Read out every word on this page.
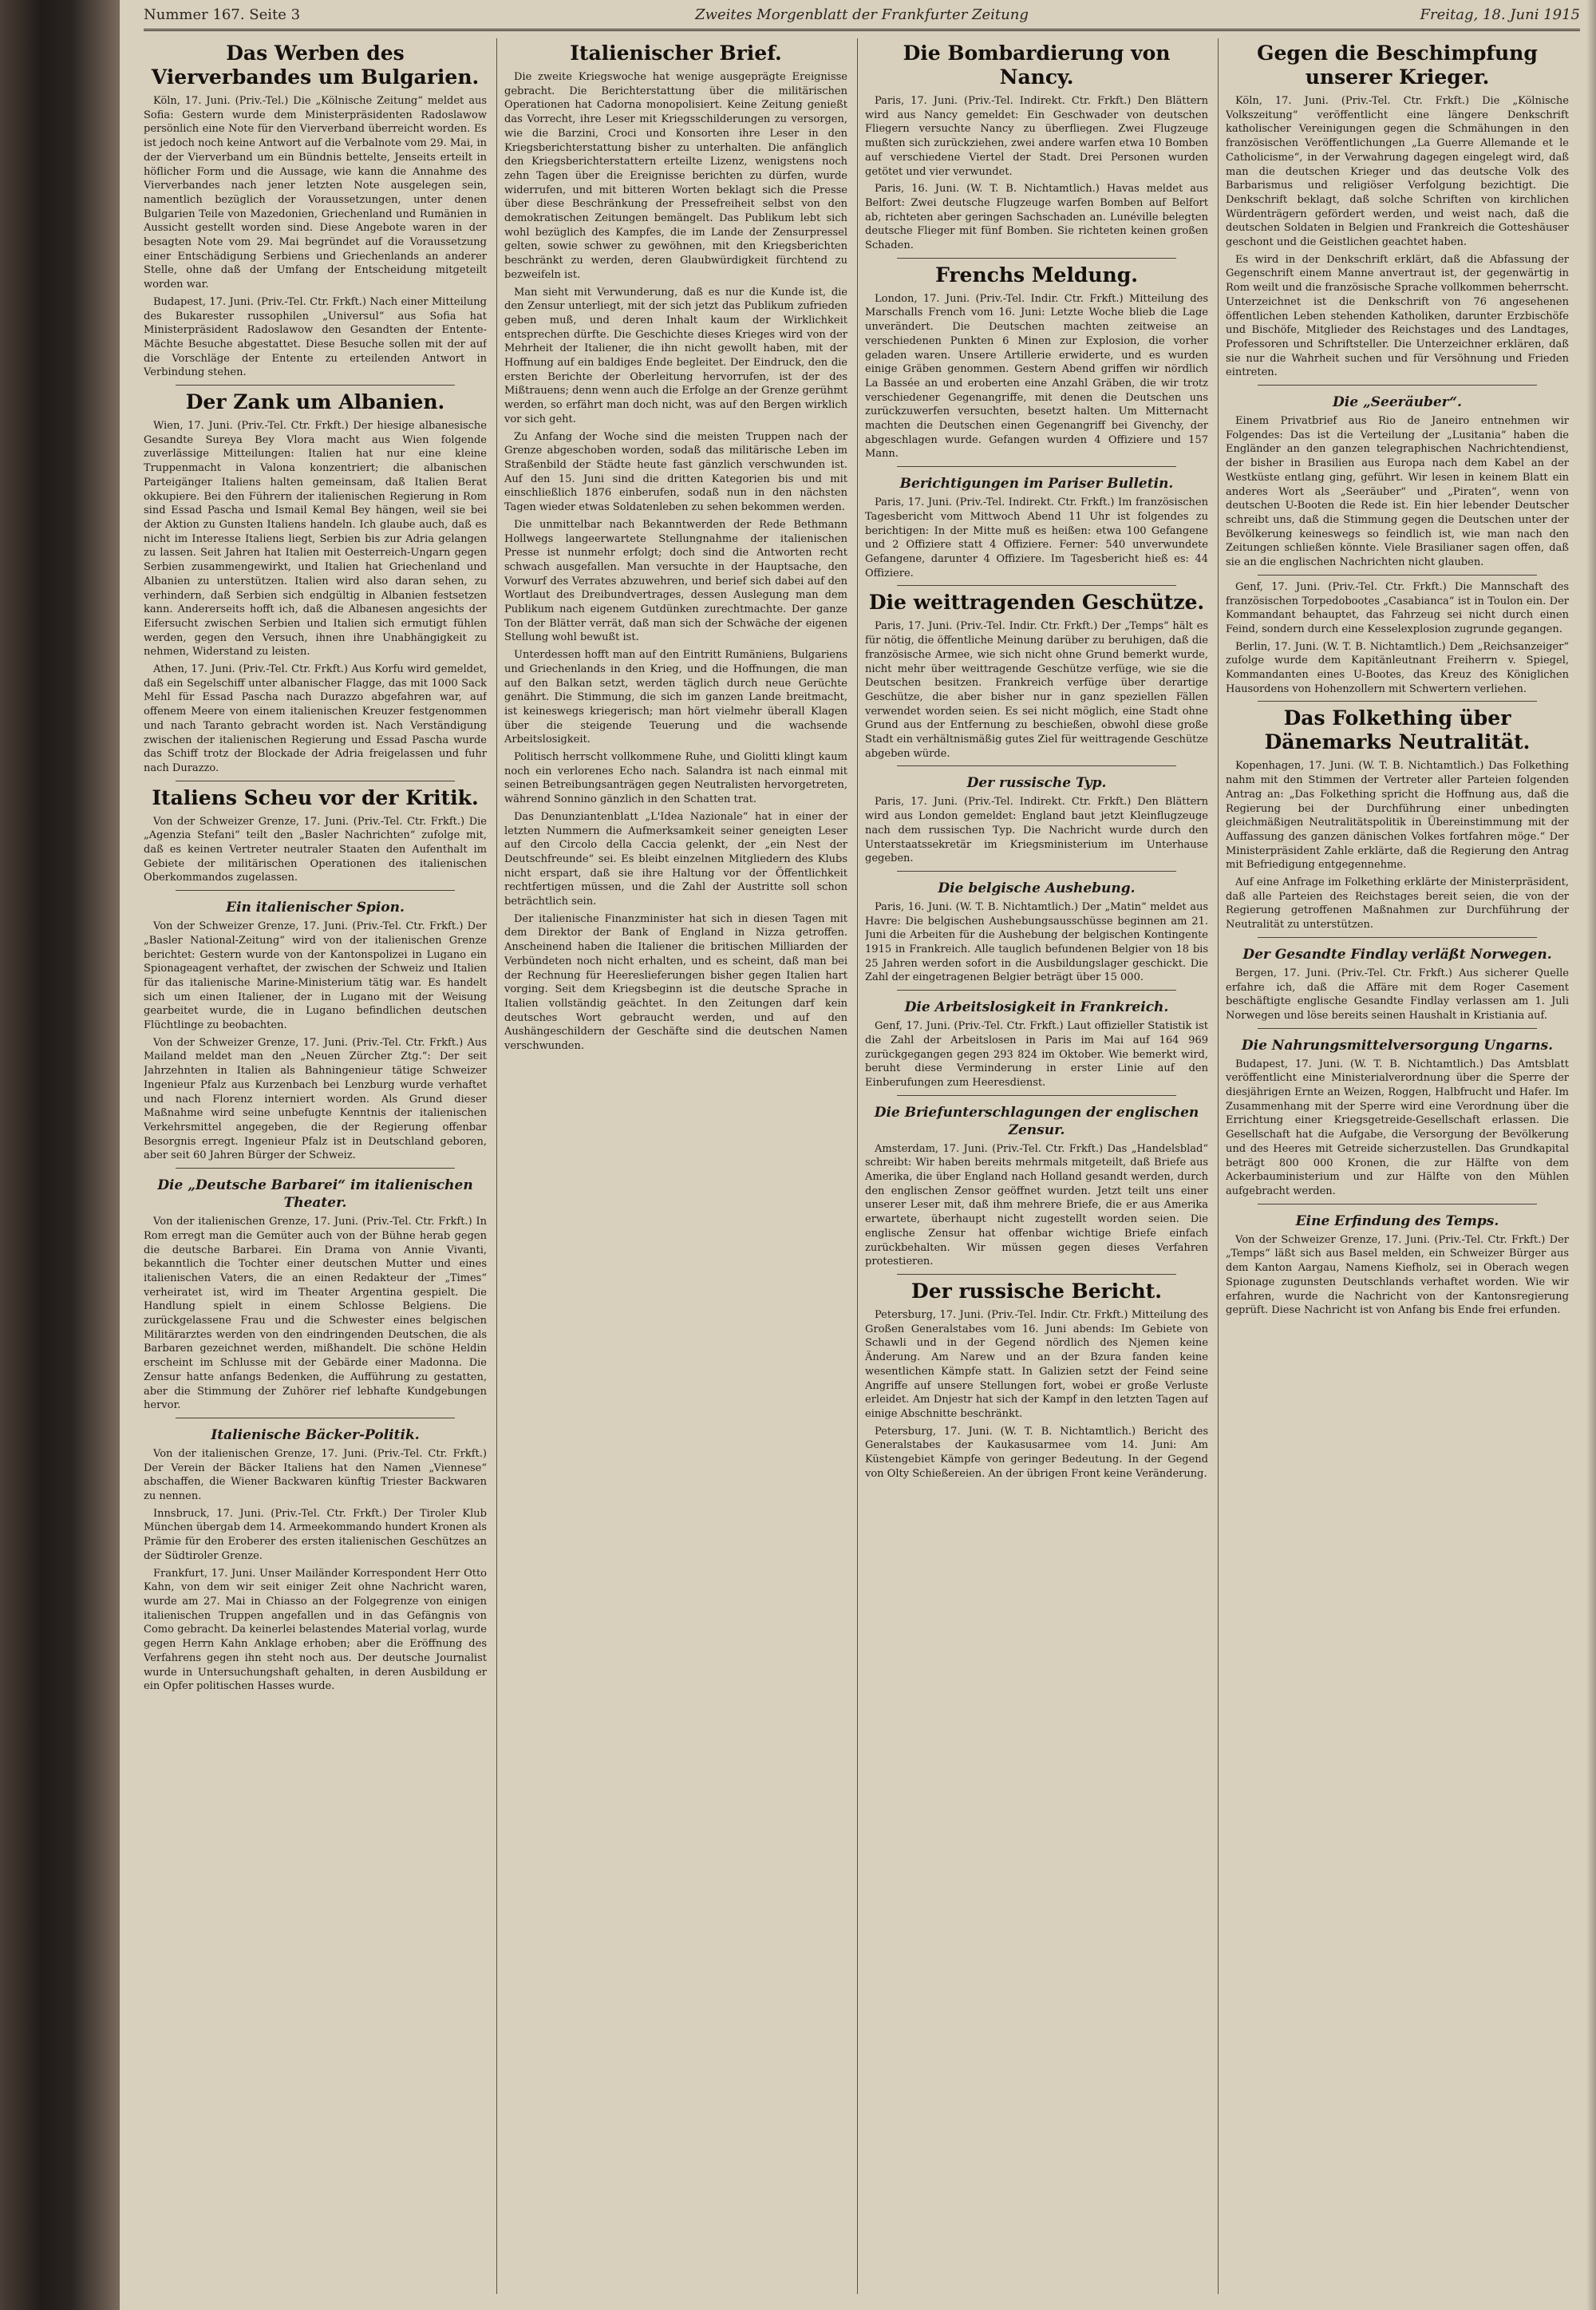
Nummer 167. Seite 3	Zweites Morgenblatt der Frankfurter Zeitung	Freitag, 18. Juni 1915
Das Werben des Vierverbandes um Bulgarien.

Köln, 17. Juni. (Priv.-Tel.) Die „Kölnische Zeitung“ meldet aus Sofia: Gestern wurde dem Ministerpräsidenten Radoslawow persönlich eine Note für den Vierverband überreicht worden. Es ist jedoch noch keine Antwort auf die Verbalnote vom 29. Mai, in der der Vierverband um ein Bündnis bettelte, Jenseits erteilt in höflicher Form und die Aussage, wie kann die Annahme des Vierverbandes nach jener letzten Note ausgelegen sein, namentlich bezüglich der Voraussetzungen, unter denen Bulgarien Teile von Mazedonien, Griechenland und Rumänien in Aussicht gestellt worden sind. Diese Angebote waren in der besagten Note vom 29. Mai begründet auf die Voraussetzung einer Entschädigung Serbiens und Griechenlands an anderer Stelle, ohne daß der Umfang der Entscheidung mitgeteilt worden war.

Budapest, 17. Juni. (Priv.-Tel. Ctr. Frkft.) Nach einer Mitteilung des Bukarester russophilen „Universul“ aus Sofia hat Ministerpräsident Radoslawow den Gesandten der Entente-Mächte Besuche abgestattet. Diese Besuche sollen mit der auf die Vorschläge der Entente zu erteilenden Antwort in Verbindung stehen.

Der Zank um Albanien.

Wien, 17. Juni. (Priv.-Tel. Ctr. Frkft.) Der hiesige albanesische Gesandte Sureya Bey Vlora macht aus Wien folgende zuverlässige Mitteilungen: Italien hat nur eine kleine Truppenmacht in Valona konzentriert; die albanischen Parteigänger Italiens halten gemeinsam, daß Italien Berat okkupiere. Bei den Führern der italienischen Regierung in Rom sind Essad Pascha und Ismail Kemal Bey hängen, weil sie bei der Aktion zu Gunsten Italiens handeln. Ich glaube auch, daß es nicht im Interesse Italiens liegt, Serbien bis zur Adria gelangen zu lassen. Seit Jahren hat Italien mit Oesterreich-Ungarn gegen Serbien zusammengewirkt, und Italien hat Griechenland und Albanien zu unterstützen. Italien wird also daran sehen, zu verhindern, daß Serbien sich endgültig in Albanien festsetzen kann. Andererseits hofft ich, daß die Albanesen angesichts der Eifersucht zwischen Serbien und Italien sich ermutigt fühlen werden, gegen den Versuch, ihnen ihre Unabhängigkeit zu nehmen, Widerstand zu leisten.

Athen, 17. Juni. (Priv.-Tel. Ctr. Frkft.) Aus Korfu wird gemeldet, daß ein Segelschiff unter albanischer Flagge, das mit 1000 Sack Mehl für Essad Pascha nach Durazzo abgefahren war, auf offenem Meere von einem italienischen Kreuzer festgenommen und nach Taranto gebracht worden ist. Nach Verständigung zwischen der italienischen Regierung und Essad Pascha wurde das Schiff trotz der Blockade der Adria freigelassen und fuhr nach Durazzo.

Italiens Scheu vor der Kritik.

Von der Schweizer Grenze, 17. Juni. (Priv.-Tel. Ctr. Frkft.) Die „Agenzia Stefani“ teilt den „Basler Nachrichten“ zufolge mit, daß es keinen Vertreter neutraler Staaten den Aufenthalt im Gebiete der militärischen Operationen des italienischen Oberkommandos zugelassen.

Ein italienischer Spion.

Von der Schweizer Grenze, 17. Juni. (Priv.-Tel. Ctr. Frkft.) Der „Basler National-Zeitung“ wird von der italienischen Grenze berichtet: Gestern wurde von der Kantonspolizei in Lugano ein Spionageagent verhaftet, der zwischen der Schweiz und Italien für das italienische Marine-Ministerium tätig war. Es handelt sich um einen Italiener, der in Lugano mit der Weisung gearbeitet wurde, die in Lugano befindlichen deutschen Flüchtlinge zu beobachten.

Von der Schweizer Grenze, 17. Juni. (Priv.-Tel. Ctr. Frkft.) Aus Mailand meldet man den „Neuen Zürcher Ztg.“: Der seit Jahrzehnten in Italien als Bahningenieur tätige Schweizer Ingenieur Pfalz aus Kurzenbach bei Lenzburg wurde verhaftet und nach Florenz interniert worden. Als Grund dieser Maßnahme wird seine unbefugte Kenntnis der italienischen Verkehrsmittel angegeben, die der Regierung offenbar Besorgnis erregt. Ingenieur Pfalz ist in Deutschland geboren, aber seit 60 Jahren Bürger der Schweiz.

Die „Deutsche Barbarei“ im italienischen Theater.

Von der italienischen Grenze, 17. Juni. (Priv.-Tel. Ctr. Frkft.) In Rom erregt man die Gemüter auch von der Bühne herab gegen die deutsche Barbarei. Ein Drama von Annie Vivanti, bekanntlich die Tochter einer deutschen Mutter und eines italienischen Vaters, die an einen Redakteur der „Times“ verheiratet ist, wird im Theater Argentina gespielt. Die Handlung spielt in einem Schlosse Belgiens. Die zurückgelassene Frau und die Schwester eines belgischen Militärarztes werden von den eindringenden Deutschen, die als Barbaren gezeichnet werden, mißhandelt. Die schöne Heldin erscheint im Schlusse mit der Gebärde einer Madonna. Die Zensur hatte anfangs Bedenken, die Aufführung zu gestatten, aber die Stimmung der Zuhörer rief lebhafte Kundgebungen hervor.

Italienische Bäcker-Politik.

Von der italienischen Grenze, 17. Juni. (Priv.-Tel. Ctr. Frkft.) Der Verein der Bäcker Italiens hat den Namen „Viennese“ abschaffen, die Wiener Backwaren künftig Triester Backwaren zu nennen.

Innsbruck, 17. Juni. (Priv.-Tel. Ctr. Frkft.) Der Tiroler Klub München übergab dem 14. Armeekommando hundert Kronen als Prämie für den Eroberer des ersten italienischen Geschützes an der Südtiroler Grenze.

Frankfurt, 17. Juni. Unser Mailänder Korrespondent Herr Otto Kahn, von dem wir seit einiger Zeit ohne Nachricht waren, wurde am 27. Mai in Chiasso an der Folgegrenze von einigen italienischen Truppen angefallen und in das Gefängnis von Como gebracht. Da keinerlei belastendes Material vorlag, wurde gegen Herrn Kahn Anklage erhoben; aber die Eröffnung des Verfahrens gegen ihn steht noch aus. Der deutsche Journalist wurde in Untersuchungshaft gehalten, in deren Ausbildung er ein Opfer politischen Hasses wurde.

Italienischer Brief.

Die zweite Kriegswoche hat wenige ausgeprägte Ereignisse gebracht. Die Berichterstattung über die militärischen Operationen hat Cadorna monopolisiert. Keine Zeitung genießt das Vorrecht, ihre Leser mit Kriegsschilderungen zu versorgen, wie die Barzini, Croci und Konsorten ihre Leser in den Kriegsberichterstattung bisher zu unterhalten. Die anfänglich den Kriegsberichterstattern erteilte Lizenz, wenigstens noch zehn Tagen über die Ereignisse berichten zu dürfen, wurde widerrufen, und mit bitteren Worten beklagt sich die Presse über diese Beschränkung der Pressefreiheit selbst von den demokratischen Zeitungen bemängelt. Das Publikum lebt sich wohl bezüglich des Kampfes, die im Lande der Zensurpressel gelten, sowie schwer zu gewöhnen, mit den Kriegsberichten beschränkt zu werden, deren Glaubwürdigkeit fürchtend zu bezweifeln ist.

Man sieht mit Verwunderung, daß es nur die Kunde ist, die den Zensur unterliegt, mit der sich jetzt das Publikum zufrieden geben muß, und deren Inhalt kaum der Wirklichkeit entsprechen dürfte. Die Geschichte dieses Krieges wird von der Mehrheit der Italiener, die ihn nicht gewollt haben, mit der Hoffnung auf ein baldiges Ende begleitet. Der Eindruck, den die ersten Berichte der Oberleitung hervorrufen, ist der des Mißtrauens; denn wenn auch die Erfolge an der Grenze gerühmt werden, so erfährt man doch nicht, was auf den Bergen wirklich vor sich geht.

Zu Anfang der Woche sind die meisten Truppen nach der Grenze abgeschoben worden, sodaß das militärische Leben im Straßenbild der Städte heute fast gänzlich verschwunden ist. Auf den 15. Juni sind die dritten Kategorien bis und mit einschließlich 1876 einberufen, sodaß nun in den nächsten Tagen wieder etwas Soldatenleben zu sehen bekommen werden.

Die unmittelbar nach Bekanntwerden der Rede Bethmann Hollwegs langeerwartete Stellungnahme der italienischen Presse ist nunmehr erfolgt; doch sind die Antworten recht schwach ausgefallen. Man versuchte in der Hauptsache, den Vorwurf des Verrates abzuwehren, und berief sich dabei auf den Wortlaut des Dreibundvertrages, dessen Auslegung man dem Publikum nach eigenem Gutdünken zurechtmachte. Der ganze Ton der Blätter verrät, daß man sich der Schwäche der eigenen Stellung wohl bewußt ist.

Unterdessen hofft man auf den Eintritt Rumäniens, Bulgariens und Griechenlands in den Krieg, und die Hoffnungen, die man auf den Balkan setzt, werden täglich durch neue Gerüchte genährt. Die Stimmung, die sich im ganzen Lande breitmacht, ist keineswegs kriegerisch; man hört vielmehr überall Klagen über die steigende Teuerung und die wachsende Arbeitslosigkeit.

Politisch herrscht vollkommene Ruhe, und Giolitti klingt kaum noch ein verlorenes Echo nach. Salandra ist nach einmal mit seinen Betreibungsanträgen gegen Neutralisten hervorgetreten, während Sonnino gänzlich in den Schatten trat.

Das Denunziantenblatt „L'Idea Nazionale“ hat in einer der letzten Nummern die Aufmerksamkeit seiner geneigten Leser auf den Circolo della Caccia gelenkt, der „ein Nest der Deutschfreunde“ sei. Es bleibt einzelnen Mitgliedern des Klubs nicht erspart, daß sie ihre Haltung vor der Öffentlichkeit rechtfertigen müssen, und die Zahl der Austritte soll schon beträchtlich sein.

Der italienische Finanzminister hat sich in diesen Tagen mit dem Direktor der Bank of England in Nizza getroffen. Anscheinend haben die Italiener die britischen Milliarden der Verbündeten noch nicht erhalten, und es scheint, daß man bei der Rechnung für Heereslieferungen bisher gegen Italien hart vorging. Seit dem Kriegsbeginn ist die deutsche Sprache in Italien vollständig geächtet. In den Zeitungen darf kein deutsches Wort gebraucht werden, und auf den Aushängeschildern der Geschäfte sind die deutschen Namen verschwunden.

Die Bombardierung von Nancy.

Paris, 17. Juni. (Priv.-Tel. Indirekt. Ctr. Frkft.) Den Blättern wird aus Nancy gemeldet: Ein Geschwader von deutschen Fliegern versuchte Nancy zu überfliegen. Zwei Flugzeuge mußten sich zurückziehen, zwei andere warfen etwa 10 Bomben auf verschiedene Viertel der Stadt. Drei Personen wurden getötet und vier verwundet.

Paris, 16. Juni. (W. T. B. Nichtamtlich.) Havas meldet aus Belfort: Zwei deutsche Flugzeuge warfen Bomben auf Belfort ab, richteten aber geringen Sachschaden an. Lunéville belegten deutsche Flieger mit fünf Bomben. Sie richteten keinen großen Schaden.

Frenchs Meldung.

London, 17. Juni. (Priv.-Tel. Indir. Ctr. Frkft.) Mitteilung des Marschalls French vom 16. Juni: Letzte Woche blieb die Lage unverändert. Die Deutschen machten zeitweise an verschiedenen Punkten 6 Minen zur Explosion, die vorher geladen waren. Unsere Artillerie erwiderte, und es wurden einige Gräben genommen. Gestern Abend griffen wir nördlich La Bassée an und eroberten eine Anzahl Gräben, die wir trotz verschiedener Gegenangriffe, mit denen die Deutschen uns zurückzuwerfen versuchten, besetzt halten. Um Mitternacht machten die Deutschen einen Gegenangriff bei Givenchy, der abgeschlagen wurde. Gefangen wurden 4 Offiziere und 157 Mann.

Berichtigungen im Pariser Bulletin.

Paris, 17. Juni. (Priv.-Tel. Indirekt. Ctr. Frkft.) Im französischen Tagesbericht vom Mittwoch Abend 11 Uhr ist folgendes zu berichtigen: In der Mitte muß es heißen: etwa 100 Gefangene und 2 Offiziere statt 4 Offiziere. Ferner: 540 unverwundete Gefangene, darunter 4 Offiziere. Im Tagesbericht hieß es: 44 Offiziere.

Die weittragenden Geschütze.

Paris, 17. Juni. (Priv.-Tel. Indir. Ctr. Frkft.) Der „Temps“ hält es für nötig, die öffentliche Meinung darüber zu beruhigen, daß die französische Armee, wie sich nicht ohne Grund bemerkt wurde, nicht mehr über weittragende Geschütze verfüge, wie sie die Deutschen besitzen. Frankreich verfüge über derartige Geschütze, die aber bisher nur in ganz speziellen Fällen verwendet worden seien. Es sei nicht möglich, eine Stadt ohne Grund aus der Entfernung zu beschießen, obwohl diese große Stadt ein verhältnismäßig gutes Ziel für weittragende Geschütze abgeben würde.

Der russische Typ.

Paris, 17. Juni. (Priv.-Tel. Indirekt. Ctr. Frkft.) Den Blättern wird aus London gemeldet: England baut jetzt Kleinflugzeuge nach dem russischen Typ. Die Nachricht wurde durch den Unterstaatssekretär im Kriegsministerium im Unterhause gegeben.

Die belgische Aushebung.

Paris, 16. Juni. (W. T. B. Nichtamtlich.) Der „Matin“ meldet aus Havre: Die belgischen Aushebungsausschüsse beginnen am 21. Juni die Arbeiten für die Aushebung der belgischen Kontingente 1915 in Frankreich. Alle tauglich befundenen Belgier von 18 bis 25 Jahren werden sofort in die Ausbildungslager geschickt. Die Zahl der eingetragenen Belgier beträgt über 15 000.

Die Arbeitslosigkeit in Frankreich.

Genf, 17. Juni. (Priv.-Tel. Ctr. Frkft.) Laut offizieller Statistik ist die Zahl der Arbeitslosen in Paris im Mai auf 164 969 zurückgegangen gegen 293 824 im Oktober. Wie bemerkt wird, beruht diese Verminderung in erster Linie auf den Einberufungen zum Heeresdienst.

Die Briefunterschlagungen der englischen Zensur.

Amsterdam, 17. Juni. (Priv.-Tel. Ctr. Frkft.) Das „Handelsblad“ schreibt: Wir haben bereits mehrmals mitgeteilt, daß Briefe aus Amerika, die über England nach Holland gesandt werden, durch den englischen Zensor geöffnet wurden. Jetzt teilt uns einer unserer Leser mit, daß ihm mehrere Briefe, die er aus Amerika erwartete, überhaupt nicht zugestellt worden seien. Die englische Zensur hat offenbar wichtige Briefe einfach zurückbehalten. Wir müssen gegen dieses Verfahren protestieren.

Der russische Bericht.

Petersburg, 17. Juni. (Priv.-Tel. Indir. Ctr. Frkft.) Mitteilung des Großen Generalstabes vom 16. Juni abends: Im Gebiete von Schawli und in der Gegend nördlich des Njemen keine Änderung. Am Narew und an der Bzura fanden keine wesentlichen Kämpfe statt. In Galizien setzt der Feind seine Angriffe auf unsere Stellungen fort, wobei er große Verluste erleidet. Am Dnjestr hat sich der Kampf in den letzten Tagen auf einige Abschnitte beschränkt.

Petersburg, 17. Juni. (W. T. B. Nichtamtlich.) Bericht des Generalstabes der Kaukasusarmee vom 14. Juni: Am Küstengebiet Kämpfe von geringer Bedeutung. In der Gegend von Olty Schießereien. An der übrigen Front keine Veränderung.

Gegen die Beschimpfung unserer Krieger.

Köln, 17. Juni. (Priv.-Tel. Ctr. Frkft.) Die „Kölnische Volkszeitung“ veröffentlicht eine längere Denkschrift katholischer Vereinigungen gegen die Schmähungen in den französischen Veröffentlichungen „La Guerre Allemande et le Catholicisme“, in der Verwahrung dagegen eingelegt wird, daß man die deutschen Krieger und das deutsche Volk des Barbarismus und religiöser Verfolgung bezichtigt. Die Denkschrift beklagt, daß solche Schriften von kirchlichen Würdenträgern gefördert werden, und weist nach, daß die deutschen Soldaten in Belgien und Frankreich die Gotteshäuser geschont und die Geistlichen geachtet haben.

Es wird in der Denkschrift erklärt, daß die Abfassung der Gegenschrift einem Manne anvertraut ist, der gegenwärtig in Rom weilt und die französische Sprache vollkommen beherrscht. Unterzeichnet ist die Denkschrift von 76 angesehenen öffentlichen Leben stehenden Katholiken, darunter Erzbischöfe und Bischöfe, Mitglieder des Reichstages und des Landtages, Professoren und Schriftsteller. Die Unterzeichner erklären, daß sie nur die Wahrheit suchen und für Versöhnung und Frieden eintreten.

Die „Seeräuber“.

Einem Privatbrief aus Rio de Janeiro entnehmen wir Folgendes: Das ist die Verteilung der „Lusitania“ haben die Engländer an den ganzen telegraphischen Nachrichtendienst, der bisher in Brasilien aus Europa nach dem Kabel an der Westküste entlang ging, geführt. Wir lesen in keinem Blatt ein anderes Wort als „Seeräuber“ und „Piraten“, wenn von deutschen U-Booten die Rede ist. Ein hier lebender Deutscher schreibt uns, daß die Stimmung gegen die Deutschen unter der Bevölkerung keineswegs so feindlich ist, wie man nach den Zeitungen schließen könnte. Viele Brasilianer sagen offen, daß sie an die englischen Nachrichten nicht glauben.

Genf, 17. Juni. (Priv.-Tel. Ctr. Frkft.) Die Mannschaft des französischen Torpedobootes „Casabianca“ ist in Toulon ein. Der Kommandant behauptet, das Fahrzeug sei nicht durch einen Feind, sondern durch eine Kesselexplosion zugrunde gegangen.

Berlin, 17. Juni. (W. T. B. Nichtamtlich.) Dem „Reichsanzeiger“ zufolge wurde dem Kapitänleutnant Freiherrn v. Spiegel, Kommandanten eines U-Bootes, das Kreuz des Königlichen Hausordens von Hohenzollern mit Schwertern verliehen.

Das Folkething über Dänemarks Neutralität.

Kopenhagen, 17. Juni. (W. T. B. Nichtamtlich.) Das Folkething nahm mit den Stimmen der Vertreter aller Parteien folgenden Antrag an: „Das Folkething spricht die Hoffnung aus, daß die Regierung bei der Durchführung einer unbedingten gleichmäßigen Neutralitätspolitik in Übereinstimmung mit der Auffassung des ganzen dänischen Volkes fortfahren möge.“ Der Ministerpräsident Zahle erklärte, daß die Regierung den Antrag mit Befriedigung entgegennehme.

Auf eine Anfrage im Folkething erklärte der Ministerpräsident, daß alle Parteien des Reichstages bereit seien, die von der Regierung getroffenen Maßnahmen zur Durchführung der Neutralität zu unterstützen.

Der Gesandte Findlay verläßt Norwegen.

Bergen, 17. Juni. (Priv.-Tel. Ctr. Frkft.) Aus sicherer Quelle erfahre ich, daß die Affäre mit dem Roger Casement beschäftigte englische Gesandte Findlay verlassen am 1. Juli Norwegen und löse bereits seinen Haushalt in Kristiania auf.

Die Nahrungsmittelversorgung Ungarns.

Budapest, 17. Juni. (W. T. B. Nichtamtlich.) Das Amtsblatt veröffentlicht eine Ministerialverordnung über die Sperre der diesjährigen Ernte an Weizen, Roggen, Halbfrucht und Hafer. Im Zusammenhang mit der Sperre wird eine Verordnung über die Errichtung einer Kriegsgetreide-Gesellschaft erlassen. Die Gesellschaft hat die Aufgabe, die Versorgung der Bevölkerung und des Heeres mit Getreide sicherzustellen. Das Grundkapital beträgt 800 000 Kronen, die zur Hälfte von dem Ackerbauministerium und zur Hälfte von den Mühlen aufgebracht werden.

Eine Erfindung des Temps.

Von der Schweizer Grenze, 17. Juni. (Priv.-Tel. Ctr. Frkft.) Der „Temps“ läßt sich aus Basel melden, ein Schweizer Bürger aus dem Kanton Aargau, Namens Kiefholz, sei in Oberach wegen Spionage zugunsten Deutschlands verhaftet worden. Wie wir erfahren, wurde die Nachricht von der Kantonsregierung geprüft. Diese Nachricht ist von Anfang bis Ende frei erfunden.
